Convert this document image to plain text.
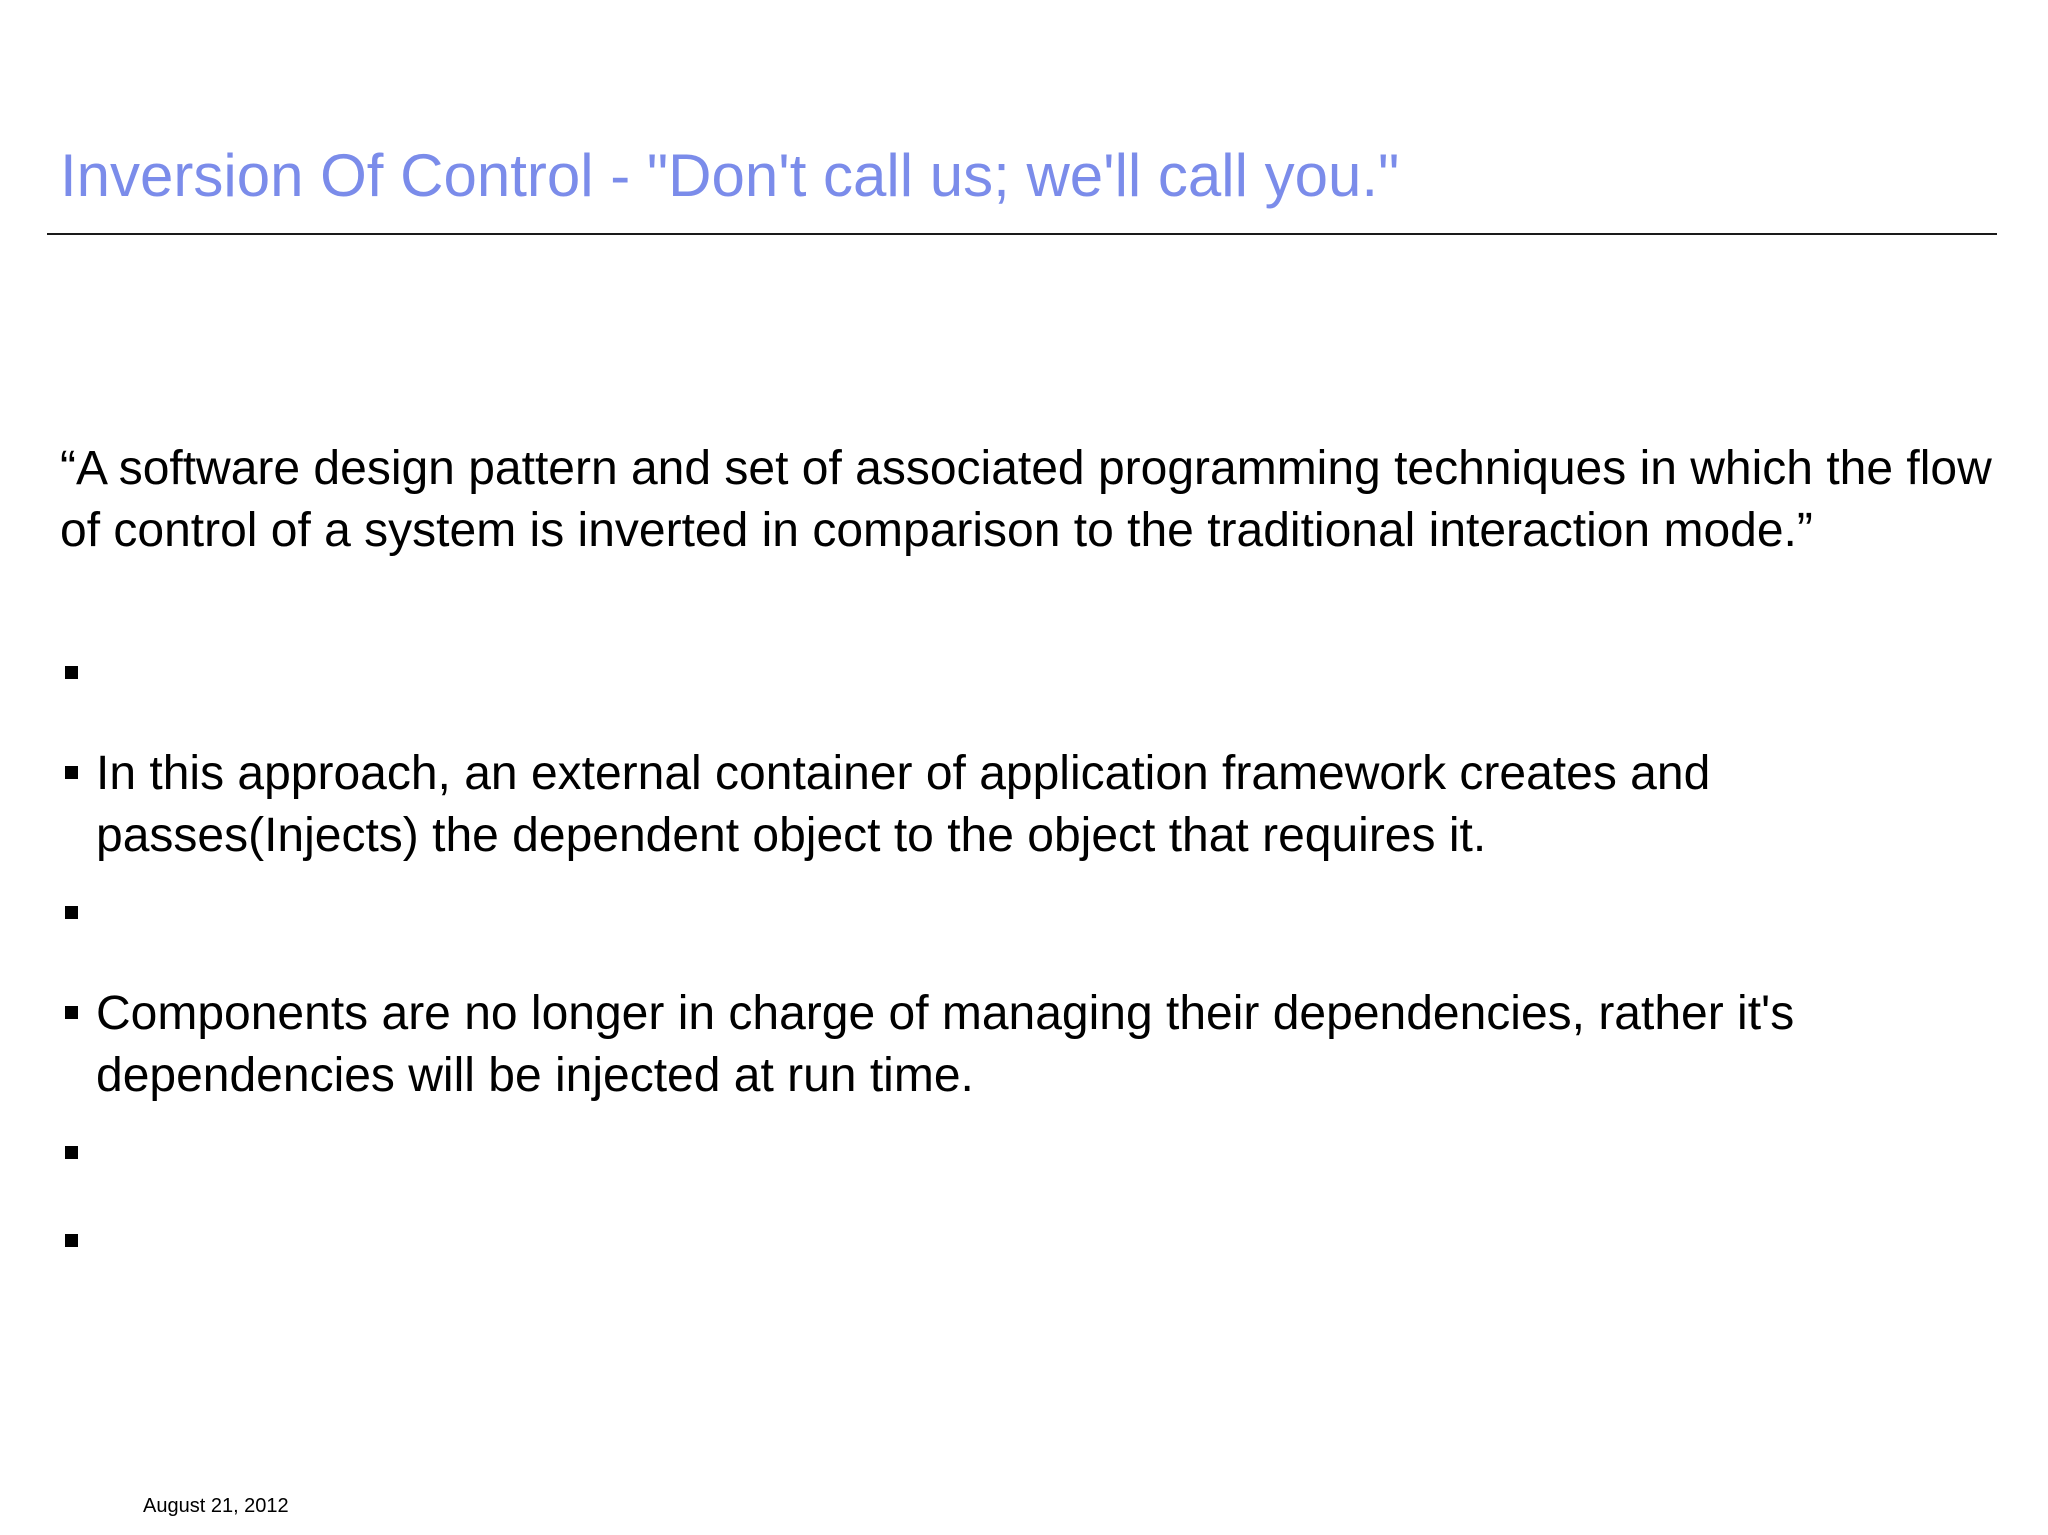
Inversion Of Control - "Don't call us; we'll call you."

“A software design pattern and set of associated programming techniques in which the flow of control of a system is inverted in comparison to the traditional interaction mode.”

In this approach, an external container of application framework creates and passes(Injects) the dependent object to the object that requires it.
Components are no longer in charge of managing their dependencies, rather it's dependencies will be injected at run time.
August 21, 2012
